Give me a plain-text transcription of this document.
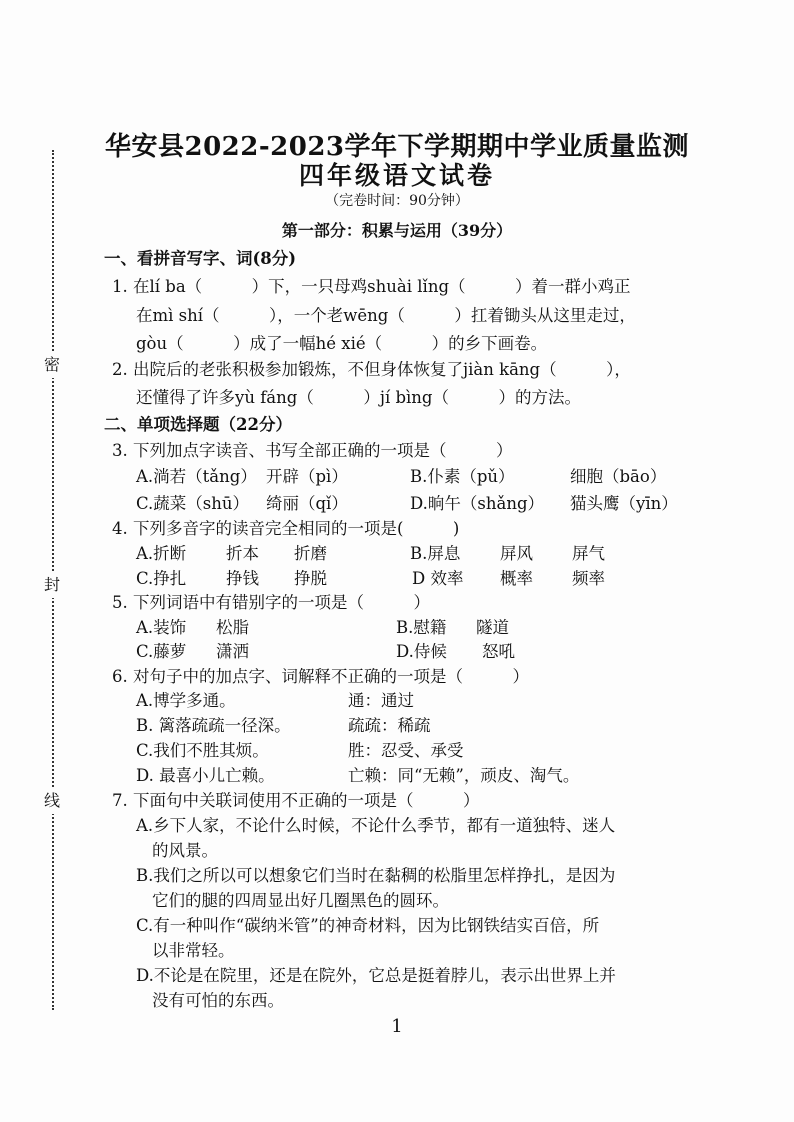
密
封
线
华安县2022-2023学年下学期期中学业质量监测
四年级语文试卷
（完卷时间：90分钟）
第一部分：积累与运用（39分）
一、看拼音写字、词(8分)
1. 在lí ba（　　　）下，一只母鸡shuài lǐng（　　　）着一群小鸡正
在mì shí（　　　），一个老wēng（　　　）扛着锄头从这里走过，
gòu（　　　）成了一幅hé xié（　　　）的乡下画卷。
2. 出院后的老张积极参加锻炼，不但身体恢复了jiàn kāng（　　　），
还懂得了许多yù fáng（　　　）jí bìng（　　　）的方法。
二、单项选择题（22分）
3. 下列加点字读音、书写全部正确的一项是（　　　）
A.淌若（tǎng） 开辟（pì）	B.仆素（pǔ）	细胞（bāo）
C.蔬菜（shū） 绮丽（qǐ）	D.晌午（shǎng） 猫头鹰（yīn）
4. 下列多音字的读音完全相同的一项是(　　　)
A.折断 折本 折磨	B.屏息 屏风 屏气
C.挣扎 挣钱 挣脱	D 效率 概率 频率
5. 下列词语中有错别字的一项是（　　　）
A.装饰 松脂	B.慰籍 隧道
C.藤萝 潇洒	D.侍候 怒吼
6. 对句子中的加点字、词解释不正确的一项是（　　　）
A.博学多通。	通：通过
B. 篱落疏疏一径深。	疏疏：稀疏
C.我们不胜其烦。	胜：忍受、承受
D. 最喜小儿亡赖。	亡赖：同“无赖”，顽皮、淘气。
7. 下面句中关联词使用不正确的一项是（　　　）
A.乡下人家，不论什么时候，不论什么季节，都有一道独特、迷人
的风景。
B.我们之所以可以想象它们当时在黏稠的松脂里怎样挣扎，是因为
它们的腿的四周显出好几圈黑色的圆环。
C.有一种叫作“碳纳米管”的神奇材料，因为比钢铁结实百倍，所
以非常轻。
D.不论是在院里，还是在院外，它总是挺着脖儿，表示出世界上并
没有可怕的东西。
1
